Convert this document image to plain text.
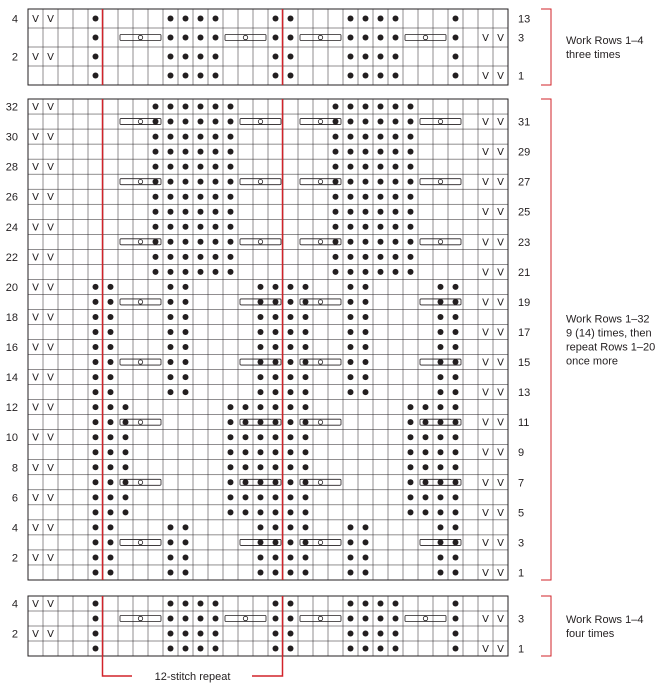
V V
V V
V V
V V
V V
V V
V V
V V
V V
V V
V V
V V
V V
V V
V V
V V
V V
V V
V V
V V
V V
V V
V V
V V
V V
V V
V V
V V
V V
V V
V V
V V
V V
V V
V V
V V
V V
V V
V V
V V
12-stitch repeat
4
2
13
3
1
32
30
28
26
24
22
20
18
16
14
12
10
8
6
4
2
31
29
27
25
23
21
19
17
15
13
11
9
7
5
3
1
4
2
3
1
Work Rows 1–4
three times
Work Rows 1–32
9 (14) times, then
repeat Rows 1–20
once more
Work Rows 1–4
four times
